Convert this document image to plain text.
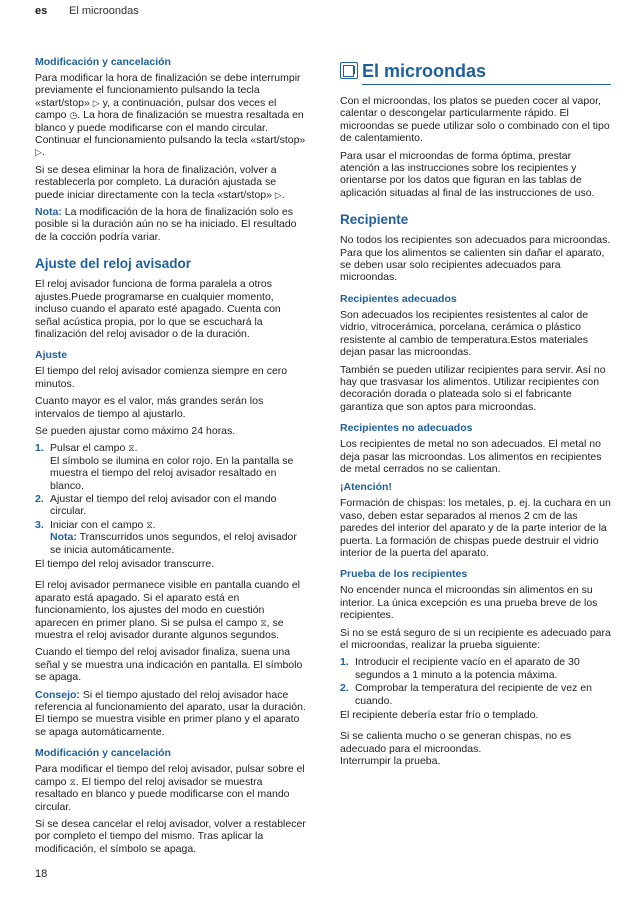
es El microondas
Modificación y cancelación
Para modificar la hora de finalización se debe interrumpir previamente el funcionamiento pulsando la tecla «start/stop» ▷ y, a continuación, pulsar dos veces el campo ◷. La hora de finalización se muestra resaltada en blanco y puede modificarse con el mando circular. Continuar el funcionamiento pulsando la tecla «start/stop» ▷.
Si se desea eliminar la hora de finalización, volver a restablecerla por completo. La duración ajustada se puede iniciar directamente con la tecla «start/stop» ▷.
Nota: La modificación de la hora de finalización solo es posible si la duración aún no se ha iniciado. El resultado de la cocción podría variar.
Ajuste del reloj avisador
El reloj avisador funciona de forma paralela a otros ajustes.Puede programarse en cualquier momento, incluso cuando el aparato esté apagado. Cuenta con señal acústica propia, por lo que se escuchará la finalización del reloj avisador o de la duración.
Ajuste
El tiempo del reloj avisador comienza siempre en cero minutos.
Cuanto mayor es el valor, más grandes serán los intervalos de tiempo al ajustarlo.
Se pueden ajustar como máximo 24 horas.
1. Pulsar el campo ⧖.
El símbolo se ilumina en color rojo. En la pantalla se muestra el tiempo del reloj avisador resaltado en blanco.
2. Ajustar el tiempo del reloj avisador con el mando circular.
3. Iniciar con el campo ⧖.
Nota: Transcurridos unos segundos, el reloj avisador se inicia automáticamente.
El tiempo del reloj avisador transcurre.
El reloj avisador permanece visible en pantalla cuando el aparato está apagado. Si el aparato está en funcionamiento, los ajustes del modo en cuestión aparecen en primer plano. Si se pulsa el campo ⧖, se muestra el reloj avisador durante algunos segundos.
Cuando el tiempo del reloj avisador finaliza, suena una señal y se muestra una indicación en pantalla. El símbolo se apaga.
Consejo: Si el tiempo ajustado del reloj avisador hace referencia al funcionamiento del aparato, usar la duración. El tiempo se muestra visible en primer plano y el aparato se apaga automáticamente.
Modificación y cancelación
Para modificar el tiempo del reloj avisador, pulsar sobre el campo ⧖. El tiempo del reloj avisador se muestra resaltado en blanco y puede modificarse con el mando circular.
Si se desea cancelar el reloj avisador, volver a restablecer por completo el tiempo del mismo. Tras aplicar la modificación, el símbolo se apaga.
El microondas
Con el microondas, los platos se pueden cocer al vapor, calentar o descongelar particularmente rápido. El microondas se puede utilizar solo o combinado con el tipo de calentamiento.
Para usar el microondas de forma óptima, prestar atención a las instrucciones sobre los recipientes y orientarse por los datos que figuran en las tablas de aplicación situadas al final de las instrucciones de uso.
Recipiente
No todos los recipientes son adecuados para microondas. Para que los alimentos se calienten sin dañar el aparato, se deben usar solo recipientes adecuados para microondas.
Recipientes adecuados
Son adecuados los recipientes resistentes al calor de vidrio, vitrocerámica, porcelana, cerámica o plástico resistente al cambio de temperatura.Estos materiales dejan pasar las microondas.
También se pueden utilizar recipientes para servir. Así no hay que trasvasar los alimentos. Utilizar recipientes con decoración dorada o plateada solo si el fabricante garantiza que son aptos para microondas.
Recipientes no adecuados
Los recipientes de metal no son adecuados. El metal no deja pasar las microondas. Los alimentos en recipientes de metal cerrados no se calientan.
¡Atención!
Formación de chispas: los metales, p. ej. la cuchara en un vaso, deben estar separados al menos 2 cm de las paredes del interior del aparato y de la parte interior de la puerta. La formación de chispas puede destruir el vidrio interior de la puerta del aparato.
Prueba de los recipientes
No encender nunca el microondas sin alimentos en su interior. La única excepción es una prueba breve de los recipientes.
Si no se está seguro de si un recipiente es adecuado para el microondas, realizar la prueba siguiente:
1. Introducir el recipiente vacío en el aparato de 30 segundos a 1 minuto a la potencia máxima.
2. Comprobar la temperatura del recipiente de vez en cuando.
El recipiente debería estar frío o templado.
Si se calienta mucho o se generan chispas, no es adecuado para el microondas.
Interrumpir la prueba.
18
